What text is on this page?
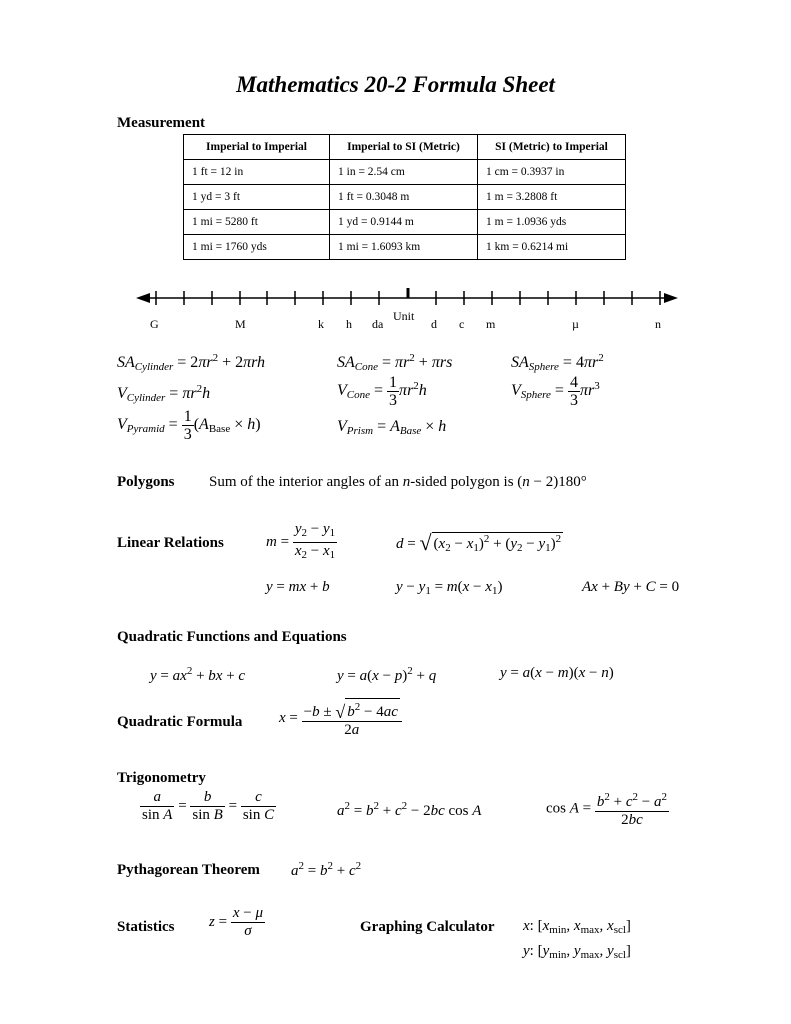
Mathematics 20-2 Formula Sheet
Measurement
Imperial to Imperial	Imperial to SI (Metric)	SI (Metric) to Imperial
1 ft = 12 in	1 in = 2.54 cm	1 cm = 0.3937 in
1 yd = 3 ft	1 ft = 0.3048 m	1 m = 3.2808 ft
1 mi = 5280 ft	1 yd = 0.9144 m	1 m = 1.0936 yds
1 mi = 1760 yds	1 mi = 1.6093 km	1 km = 0.6214 mi
Unit
G	M	k h da	d c m	µ	n
$SA_{Cylinder} = 2\pi r^2 + 2\pi rh$	$SA_{Cone} = \pi r^2 + \pi rs$	$SA_{Sphere} = 4\pi r^2$
$V_{Cylinder} = \pi r^2h$	$V_{Cone} = \frac{1}{3} \pi r^2h$	$V_{Sphere} = \frac{4}{3} \pi r^3$
$V_{Pyramid} = \frac{1}{3} (A_{Base} \times h)$	$V_{Prism} = A_{Base} \times h$
Polygons Sum of the interior angles of an n-sided polygon is (n − 2)180°
Linear Relations	$m = \frac{y_2 - y_1}{x_2 - x_1}$	d = √ $(x_2 - x_1)^2 + (y_2 - y_1)^2$
y = mx + b	$y - y_1 = m(x - x_1)$	Ax + By + C = 0
Quadratic Functions and Equations
$y = ax^2$ + bx + c	$y = a(x - p)^2 + q$	y = a(x − m)(x − n)
Quadratic Formula $x = \frac{-b \pm √ b^2 - 4ac}{2a}$
Trigonometry
$\frac{a}{\text{sin A}} = \frac{b}{\text{sin B}} = \frac{c}{\text{sin C}}$	$a^2 = b^2 + c^2 - 2bc$ cos A	$\cos A = \frac{b^2 + c^2 - a^2}{2bc}$
Pythagorean Theorem $a^2 = b^2 + c^2$
Statistics $z = \frac{x - \mu}{\sigma}$	Graphing Calculator x: [$x_{min}$, $x_{max}$, $x_{scl}$]
y: [$y_{min}$, $y_{max}$, $y_{scl}$]
